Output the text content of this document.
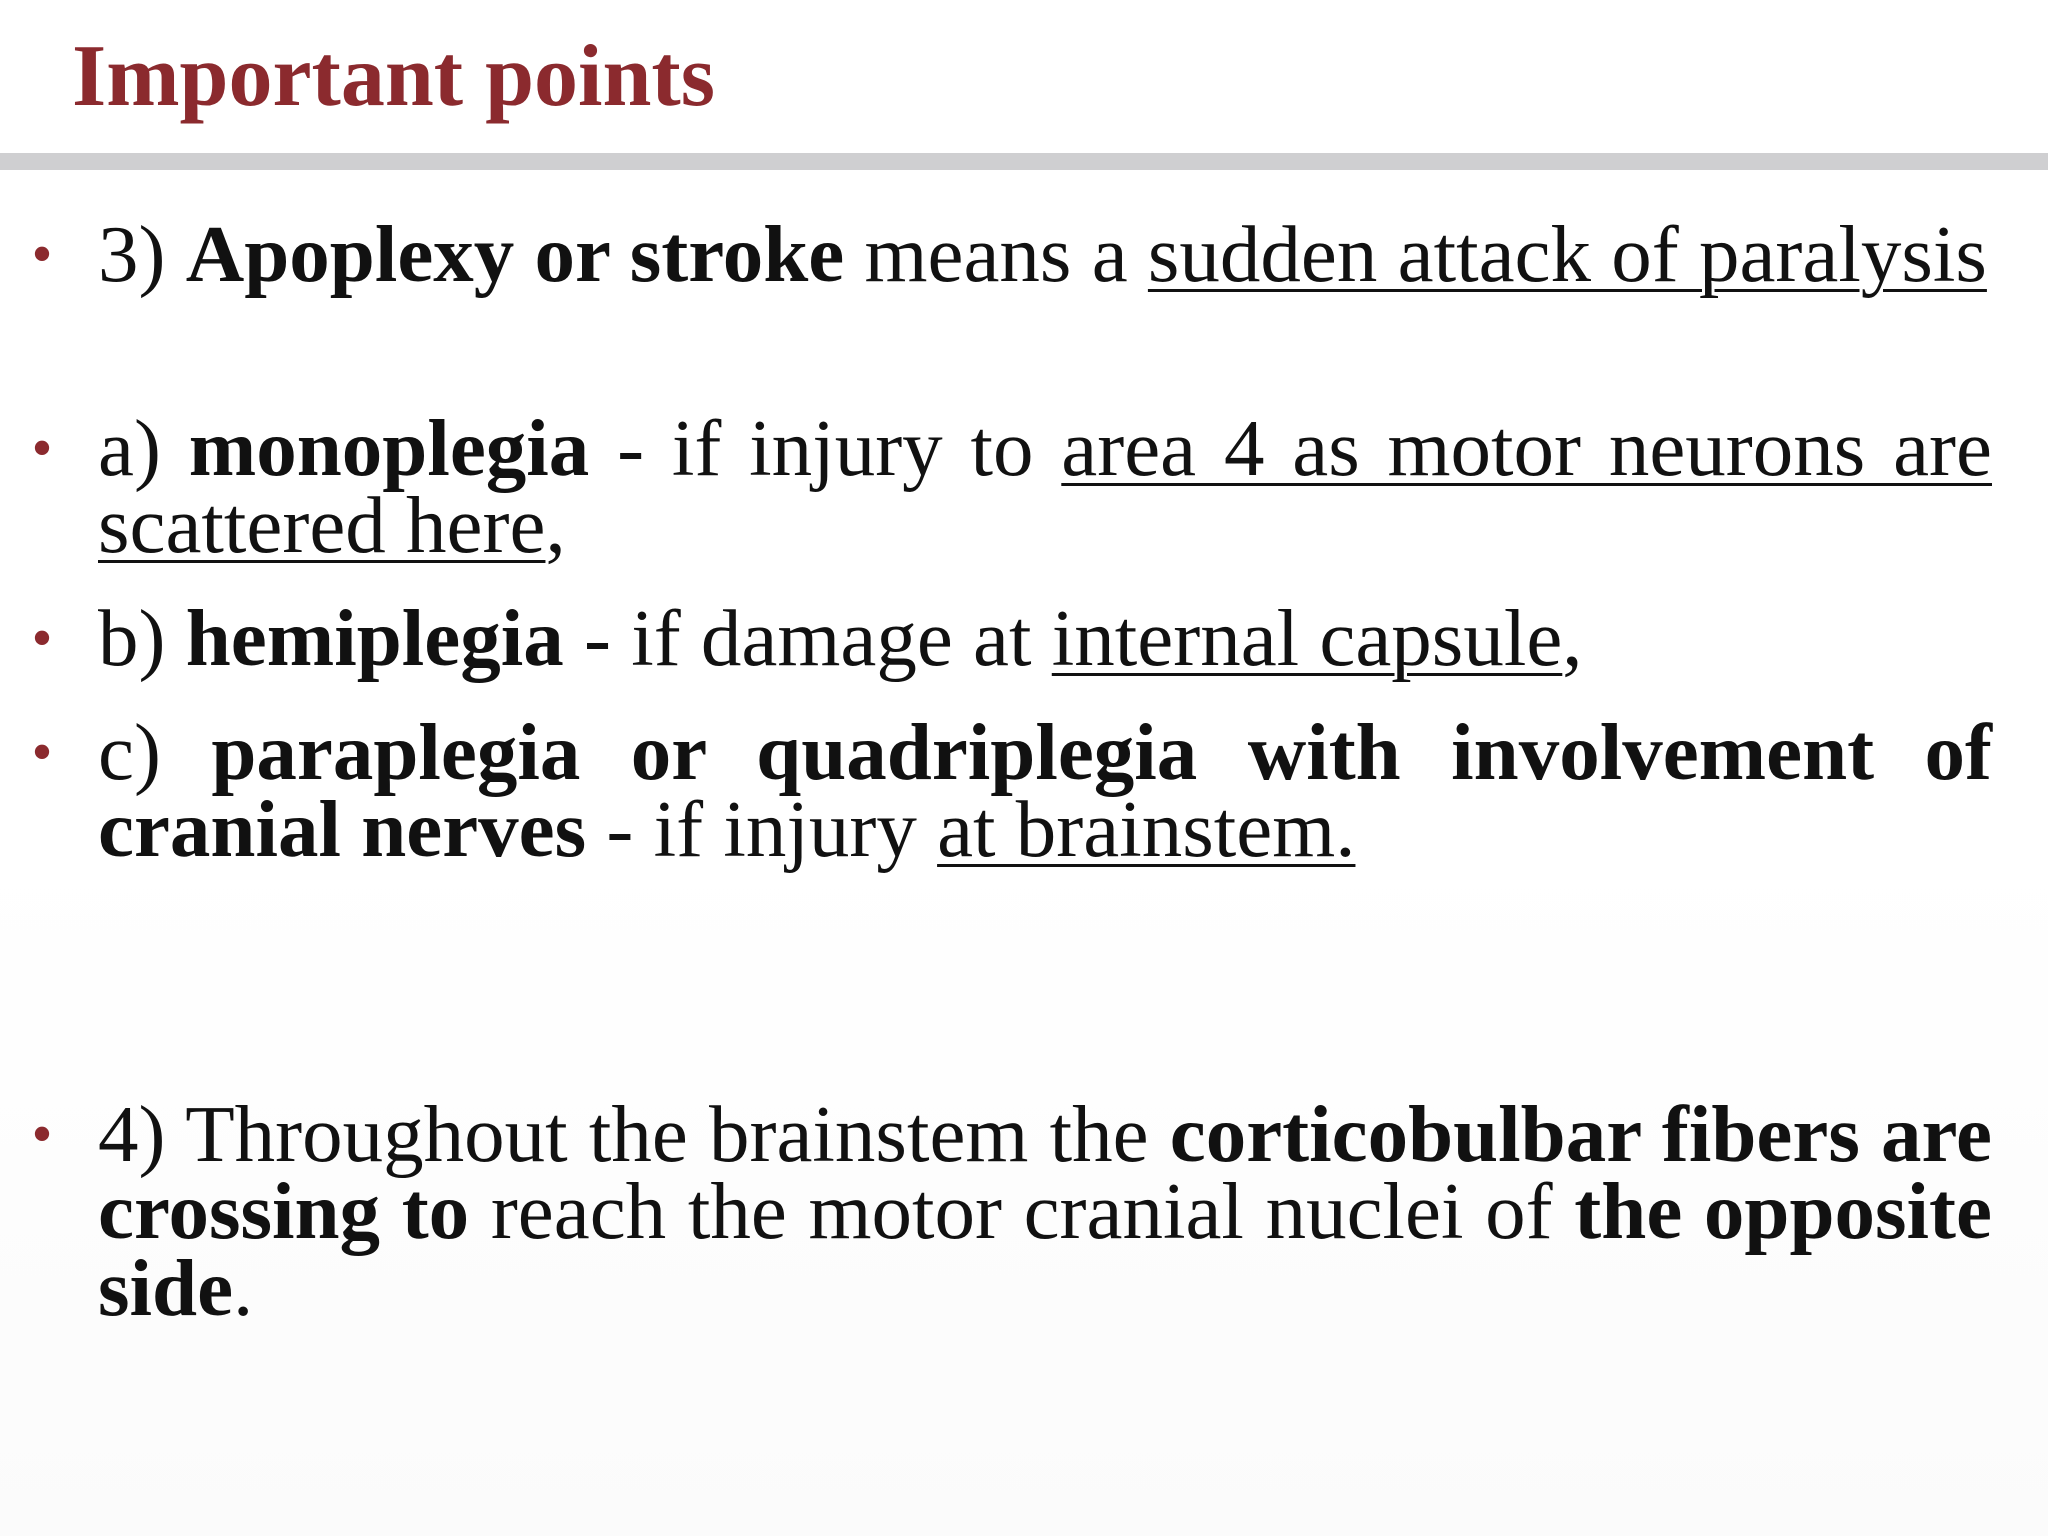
Important points
• 3) Apoplexy or stroke means a sudden attack of paralysis
• a) monoplegia - if injury to area 4 as motor neurons are scattered here,
• b) hemiplegia - if damage at internal capsule,
• c) paraplegia or quadriplegia with involvement of cranial nerves - if injury at brainstem.
• 4) Throughout the brainstem the corticobulbar fibers are crossing to reach the motor cranial nuclei of the opposite side.
